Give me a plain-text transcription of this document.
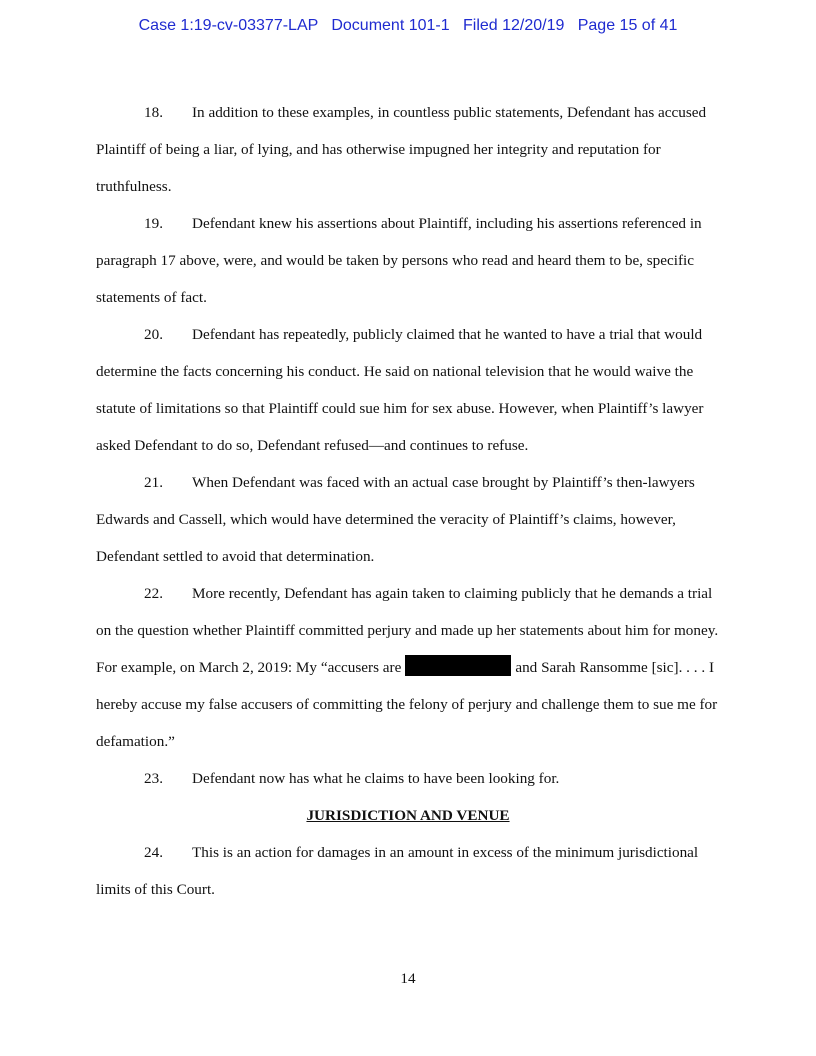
Case 1:19-cv-03377-LAP Document 101-1 Filed 12/20/19 Page 15 of 41

18. In addition to these examples, in countless public statements, Defendant has accused Plaintiff of being a liar, of lying, and has otherwise impugned her integrity and reputation for truthfulness.

19. Defendant knew his assertions about Plaintiff, including his assertions referenced in paragraph 17 above, were, and would be taken by persons who read and heard them to be, specific statements of fact.

20. Defendant has repeatedly, publicly claimed that he wanted to have a trial that would determine the facts concerning his conduct. He said on national television that he would waive the statute of limitations so that Plaintiff could sue him for sex abuse. However, when Plaintiff’s lawyer asked Defendant to do so, Defendant refused—and continues to refuse.

21. When Defendant was faced with an actual case brought by Plaintiff’s then-lawyers Edwards and Cassell, which would have determined the veracity of Plaintiff’s claims, however, Defendant settled to avoid that determination.

22. More recently, Defendant has again taken to claiming publicly that he demands a trial on the question whether Plaintiff committed perjury and made up her statements about him for money. For example, on March 2, 2019: My “accusers are	and Sarah Ransomme [sic]. . . . I hereby accuse my false accusers of committing the felony of perjury and challenge them to sue me for defamation.”

23. Defendant now has what he claims to have been looking for.

JURISDICTION AND VENUE

24. This is an action for damages in an amount in excess of the minimum jurisdictional limits of this Court.

14
